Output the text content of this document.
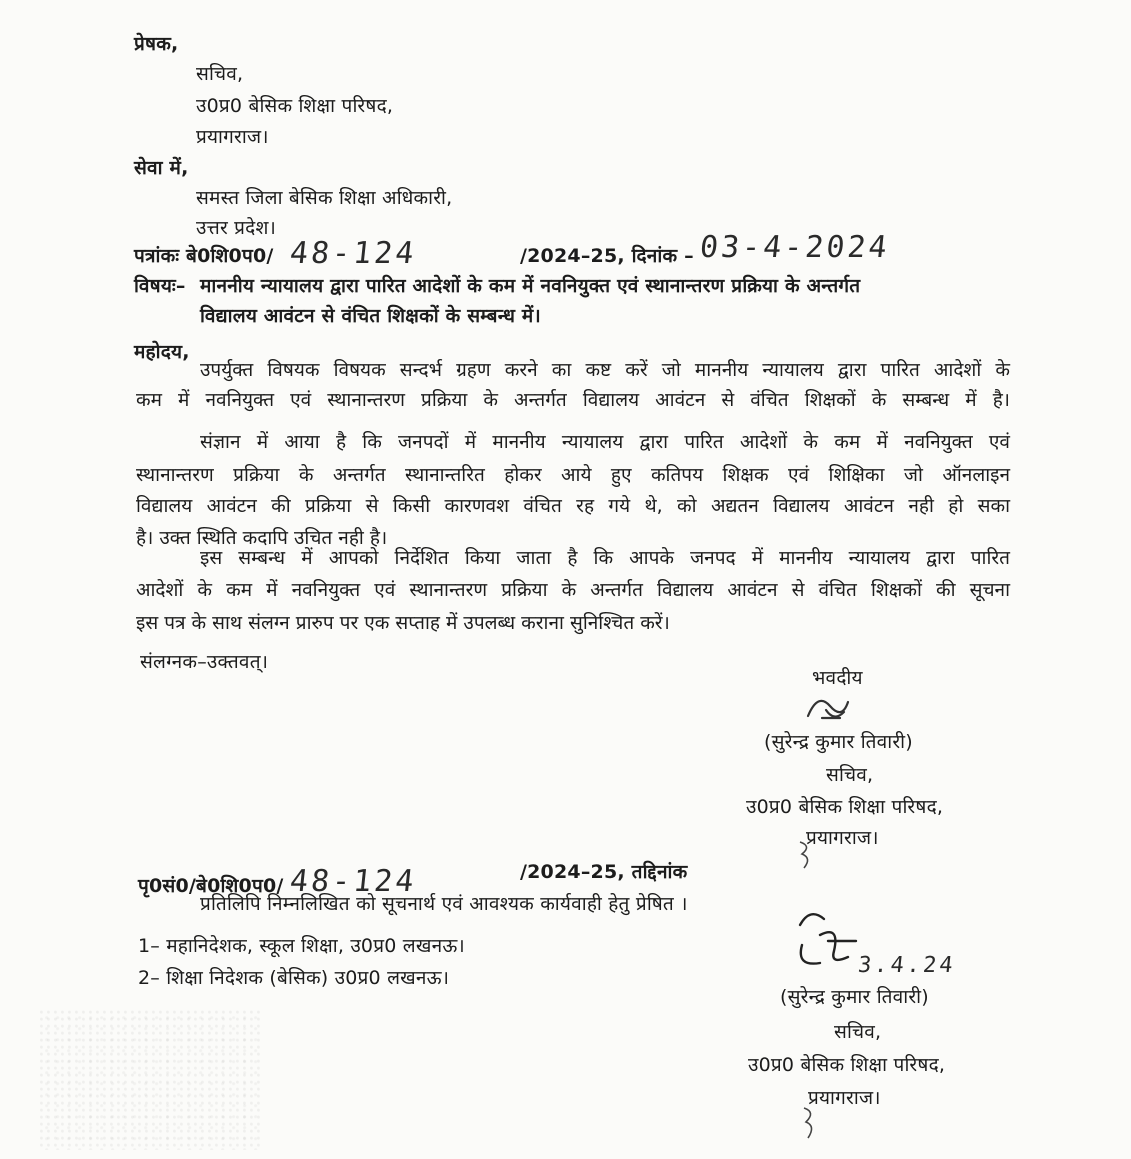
प्रेषक,
सचिव,
उ0प्र0 बेसिक शिक्षा परिषद,
प्रयागराज।
सेवा में,
समस्त जिला बेसिक शिक्षा अधिकारी,
उत्तर प्रदेश।
पत्रांकः बे0शि0प0/ 48-124	/2024–25, दिनांक – 03-4-2024
विषयः– माननीय न्यायालय द्वारा पारित आदेशों के कम में नवनियुक्त एवं स्थानान्तरण प्रक्रिया के अन्तर्गत
विद्यालय आवंटन से वंचित शिक्षकों के सम्बन्ध में।
महोदय,
उपर्युक्त विषयक विषयक सन्दर्भ ग्रहण करने का कष्ट करें जो माननीय न्यायालय द्वारा पारित आदेशों के
कम में नवनियुक्त एवं स्थानान्तरण प्रक्रिया के अन्तर्गत विद्यालय आवंटन से वंचित शिक्षकों के सम्बन्ध में है।
संज्ञान में आया है कि जनपदों में माननीय न्यायालय द्वारा पारित आदेशों के कम में नवनियुक्त एवं
स्थानान्तरण प्रक्रिया के अन्तर्गत स्थानान्तरित होकर आये हुए कतिपय शिक्षक एवं शिक्षिका जो ऑनलाइन
विद्यालय आवंटन की प्रक्रिया से किसी कारणवश वंचित रह गये थे, को अद्यतन विद्यालय आवंटन नही हो सका
है। उक्त स्थिति कदापि उचित नही है।
इस सम्बन्ध में आपको निर्देशित किया जाता है कि आपके जनपद में माननीय न्यायालय द्वारा पारित
आदेशों के कम में नवनियुक्त एवं स्थानान्तरण प्रक्रिया के अन्तर्गत विद्यालय आवंटन से वंचित शिक्षकों की सूचना
इस पत्र के साथ संलग्न प्रारुप पर एक सप्ताह में उपलब्ध कराना सुनिश्चित करें।
संलग्नक–उक्तवत्।
भवदीय
(सुरेन्द्र कुमार तिवारी)
सचिव,
उ0प्र0 बेसिक शिक्षा परिषद,
प्रयागराज।
पृ0सं0/बे0शि0प0/ 48-124	/2024–25, तद्दिनांक
प्रतिलिपि निम्नलिखित को सूचनार्थ एवं आवश्यक कार्यवाही हेतु प्रेषित ।
1– महानिदेशक, स्कूल शिक्षा, उ0प्र0 लखनऊ।
2– शिक्षा निदेशक (बेसिक) उ0प्र0 लखनऊ।	3.4.24
(सुरेन्द्र कुमार तिवारी)
सचिव,
उ0प्र0 बेसिक शिक्षा परिषद,
प्रयागराज।
